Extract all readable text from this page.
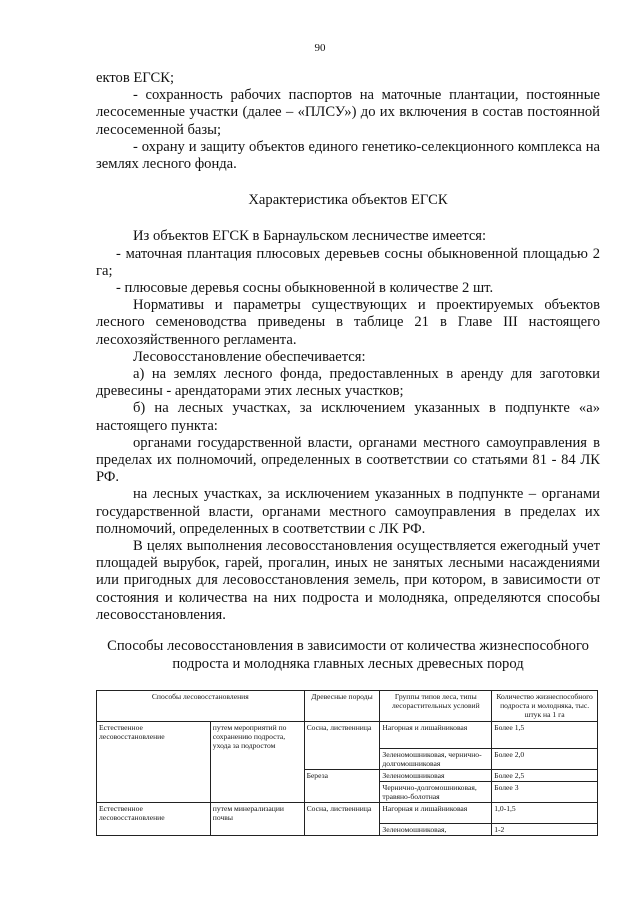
90

ектов ЕГСК;

- сохранность рабочих паспортов на маточные плантации, постоянные лесосеменные участки (далее – «ПЛСУ») до их включения в состав постоянной лесосеменной базы;

- охрану и защиту объектов единого генетико-селекционного комплекса на землях лесного фонда.

Характеристика объектов ЕГСК

Из объектов ЕГСК в Барнаульском лесничестве имеется:

- маточная плантация плюсовых деревьев сосны обыкновенной площадью 2 га;

- плюсовые деревья сосны обыкновенной в количестве 2 шт.

Нормативы и параметры существующих и проектируемых объектов лесного семеноводства приведены в таблице 21 в Главе III настоящего лесохозяйственного регламента.

Лесовосстановление обеспечивается:

а) на землях лесного фонда, предоставленных в аренду для заготовки древесины - арендаторами этих лесных участков;

б) на лесных участках, за исключением указанных в подпункте «а» настоящего пункта:

органами государственной власти, органами местного самоуправления в пределах их полномочий, определенных в соответствии со статьями 81 - 84 ЛК РФ.

на лесных участках, за исключением указанных в подпункте – органами государственной власти, органами местного самоуправления в пределах их полномочий, определенных в соответствии с ЛК РФ.

В целях выполнения лесовосстановления осуществляется ежегодный учет площадей вырубок, гарей, прогалин, иных не занятых лесными насаждениями или пригодных для лесовосстановления земель, при котором, в зависимости от состояния и количества на них подроста и молодняка, определяются способы лесовосстановления.

Способы лесовосстановления в зависимости от количества жизнеспособного подроста и молодняка главных лесных древесных пород
Способы лесовосстановления		Древесные породы	Группы типов леса, типы лесорастительных условий	Количество жизнеспособного подроста и молодняка, тыс. штук на 1 га
Естественное лесовосстановление	путем мероприятий по сохранению подроста, ухода за подростом	Сосна, лиственница	Нагорная и лишайниковая	Более 1,5
			Зеленомошниковая, чернично-долгомошниковая	Более 2,0
		Береза	Зеленомошниковая	Более 2,5
			Чернично-долгомошниковая, травяно-болотная	Более 3
Естественное лесовосстановление	путем минерализации почвы	Сосна, лиственница	Нагорная и лишайниковая	1,0-1,5
			Зеленомошниковая,	1-2
